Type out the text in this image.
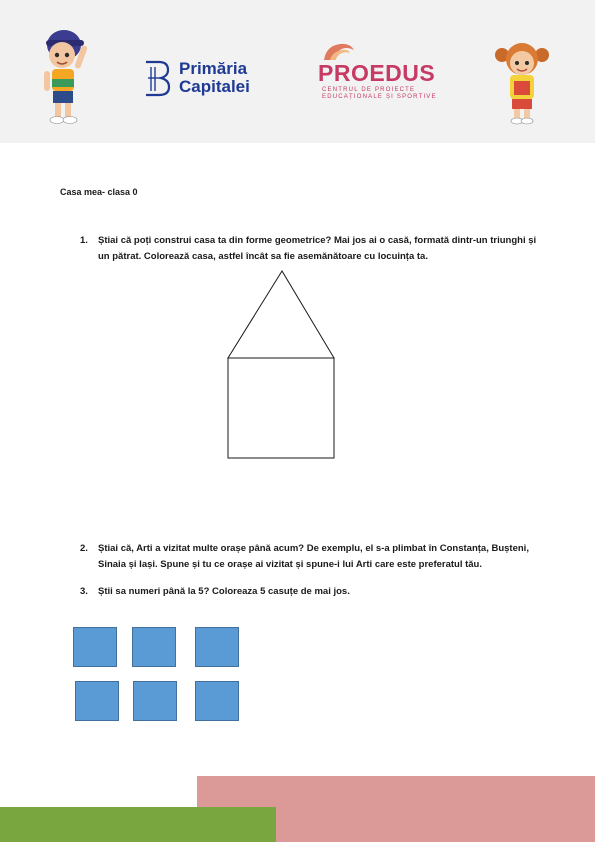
Primăria
Capitalei
PROEDUS
CENTRUL DE PROIECTE
EDUCAȚIONALE ȘI SPORTIVE
Casa mea- clasa 0
1. Știai că poți construi casa ta din forme geometrice? Mai jos ai o casă, formată dintr-un triunghi și un pătrat. Colorează casa, astfel încât sa fie asemănătoare cu locuința ta.
2. Știai că, Arti a vizitat multe orașe până acum? De exemplu, el s-a plimbat în Constanța, Bușteni, Sinaia și Iași. Spune și tu ce orașe ai vizitat și spune-i lui Arti care este preferatul tău.
3. Știi sa numeri până la 5? Coloreaza 5 casuțe de mai jos.
